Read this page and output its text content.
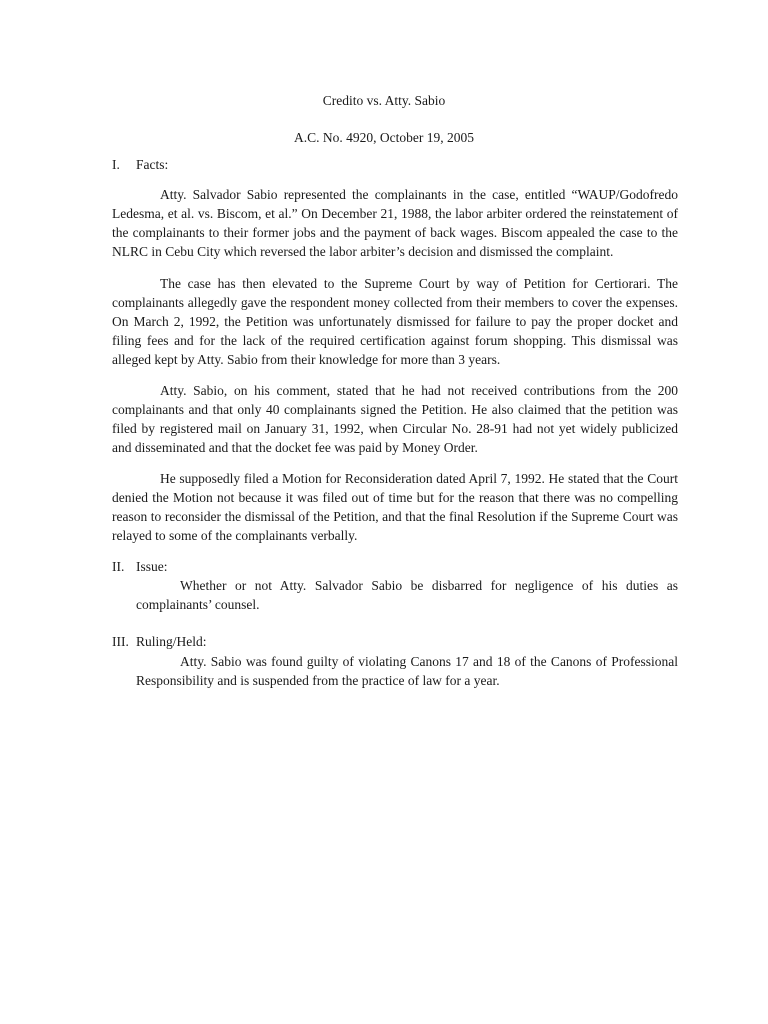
Credito vs. Atty. Sabio
A.C. No. 4920, October 19, 2005
I. Facts:
Atty. Salvador Sabio represented the complainants in the case, entitled “WAUP/Godofredo Ledesma, et al. vs. Biscom, et al.” On December 21, 1988, the labor arbiter ordered the reinstatement of the complainants to their former jobs and the payment of back wages. Biscom appealed the case to the NLRC in Cebu City which reversed the labor arbiter’s decision and dismissed the complaint.
The case has then elevated to the Supreme Court by way of Petition for Certiorari. The complainants allegedly gave the respondent money collected from their members to cover the expenses. On March 2, 1992, the Petition was unfortunately dismissed for failure to pay the proper docket and filing fees and for the lack of the required certification against forum shopping. This dismissal was alleged kept by Atty. Sabio from their knowledge for more than 3 years.
Atty. Sabio, on his comment, stated that he had not received contributions from the 200 complainants and that only 40 complainants signed the Petition. He also claimed that the petition was filed by registered mail on January 31, 1992, when Circular No. 28-91 had not yet widely publicized and disseminated and that the docket fee was paid by Money Order.
He supposedly filed a Motion for Reconsideration dated April 7, 1992. He stated that the Court denied the Motion not because it was filed out of time but for the reason that there was no compelling reason to reconsider the dismissal of the Petition, and that the final Resolution if the Supreme Court was relayed to some of the complainants verbally.
II. Issue:
Whether or not Atty. Salvador Sabio be disbarred for negligence of his duties as complainants’ counsel.
III. Ruling/Held:
Atty. Sabio was found guilty of violating Canons 17 and 18 of the Canons of Professional Responsibility and is suspended from the practice of law for a year.
